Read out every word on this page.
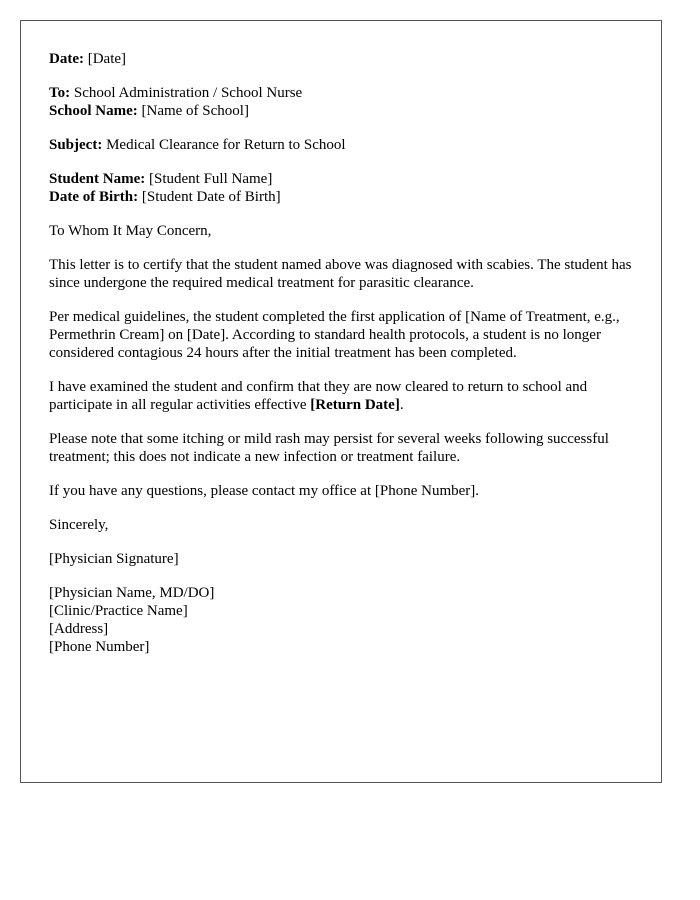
Date: [Date]

To: School Administration / School Nurse
School Name: [Name of School]

Subject: Medical Clearance for Return to School

Student Name: [Student Full Name]
Date of Birth: [Student Date of Birth]

To Whom It May Concern,

This letter is to certify that the student named above was diagnosed with scabies. The student has since undergone the required medical treatment for parasitic clearance.

Per medical guidelines, the student completed the first application of [Name of Treatment, e.g., Permethrin Cream] on [Date]. According to standard health protocols, a student is no longer considered contagious 24 hours after the initial treatment has been completed.

I have examined the student and confirm that they are now cleared to return to school and participate in all regular activities effective [Return Date].

Please note that some itching or mild rash may persist for several weeks following successful treatment; this does not indicate a new infection or treatment failure.

If you have any questions, please contact my office at [Phone Number].

Sincerely,

[Physician Signature]

[Physician Name, MD/DO]
[Clinic/Practice Name]
[Address]
[Phone Number]
